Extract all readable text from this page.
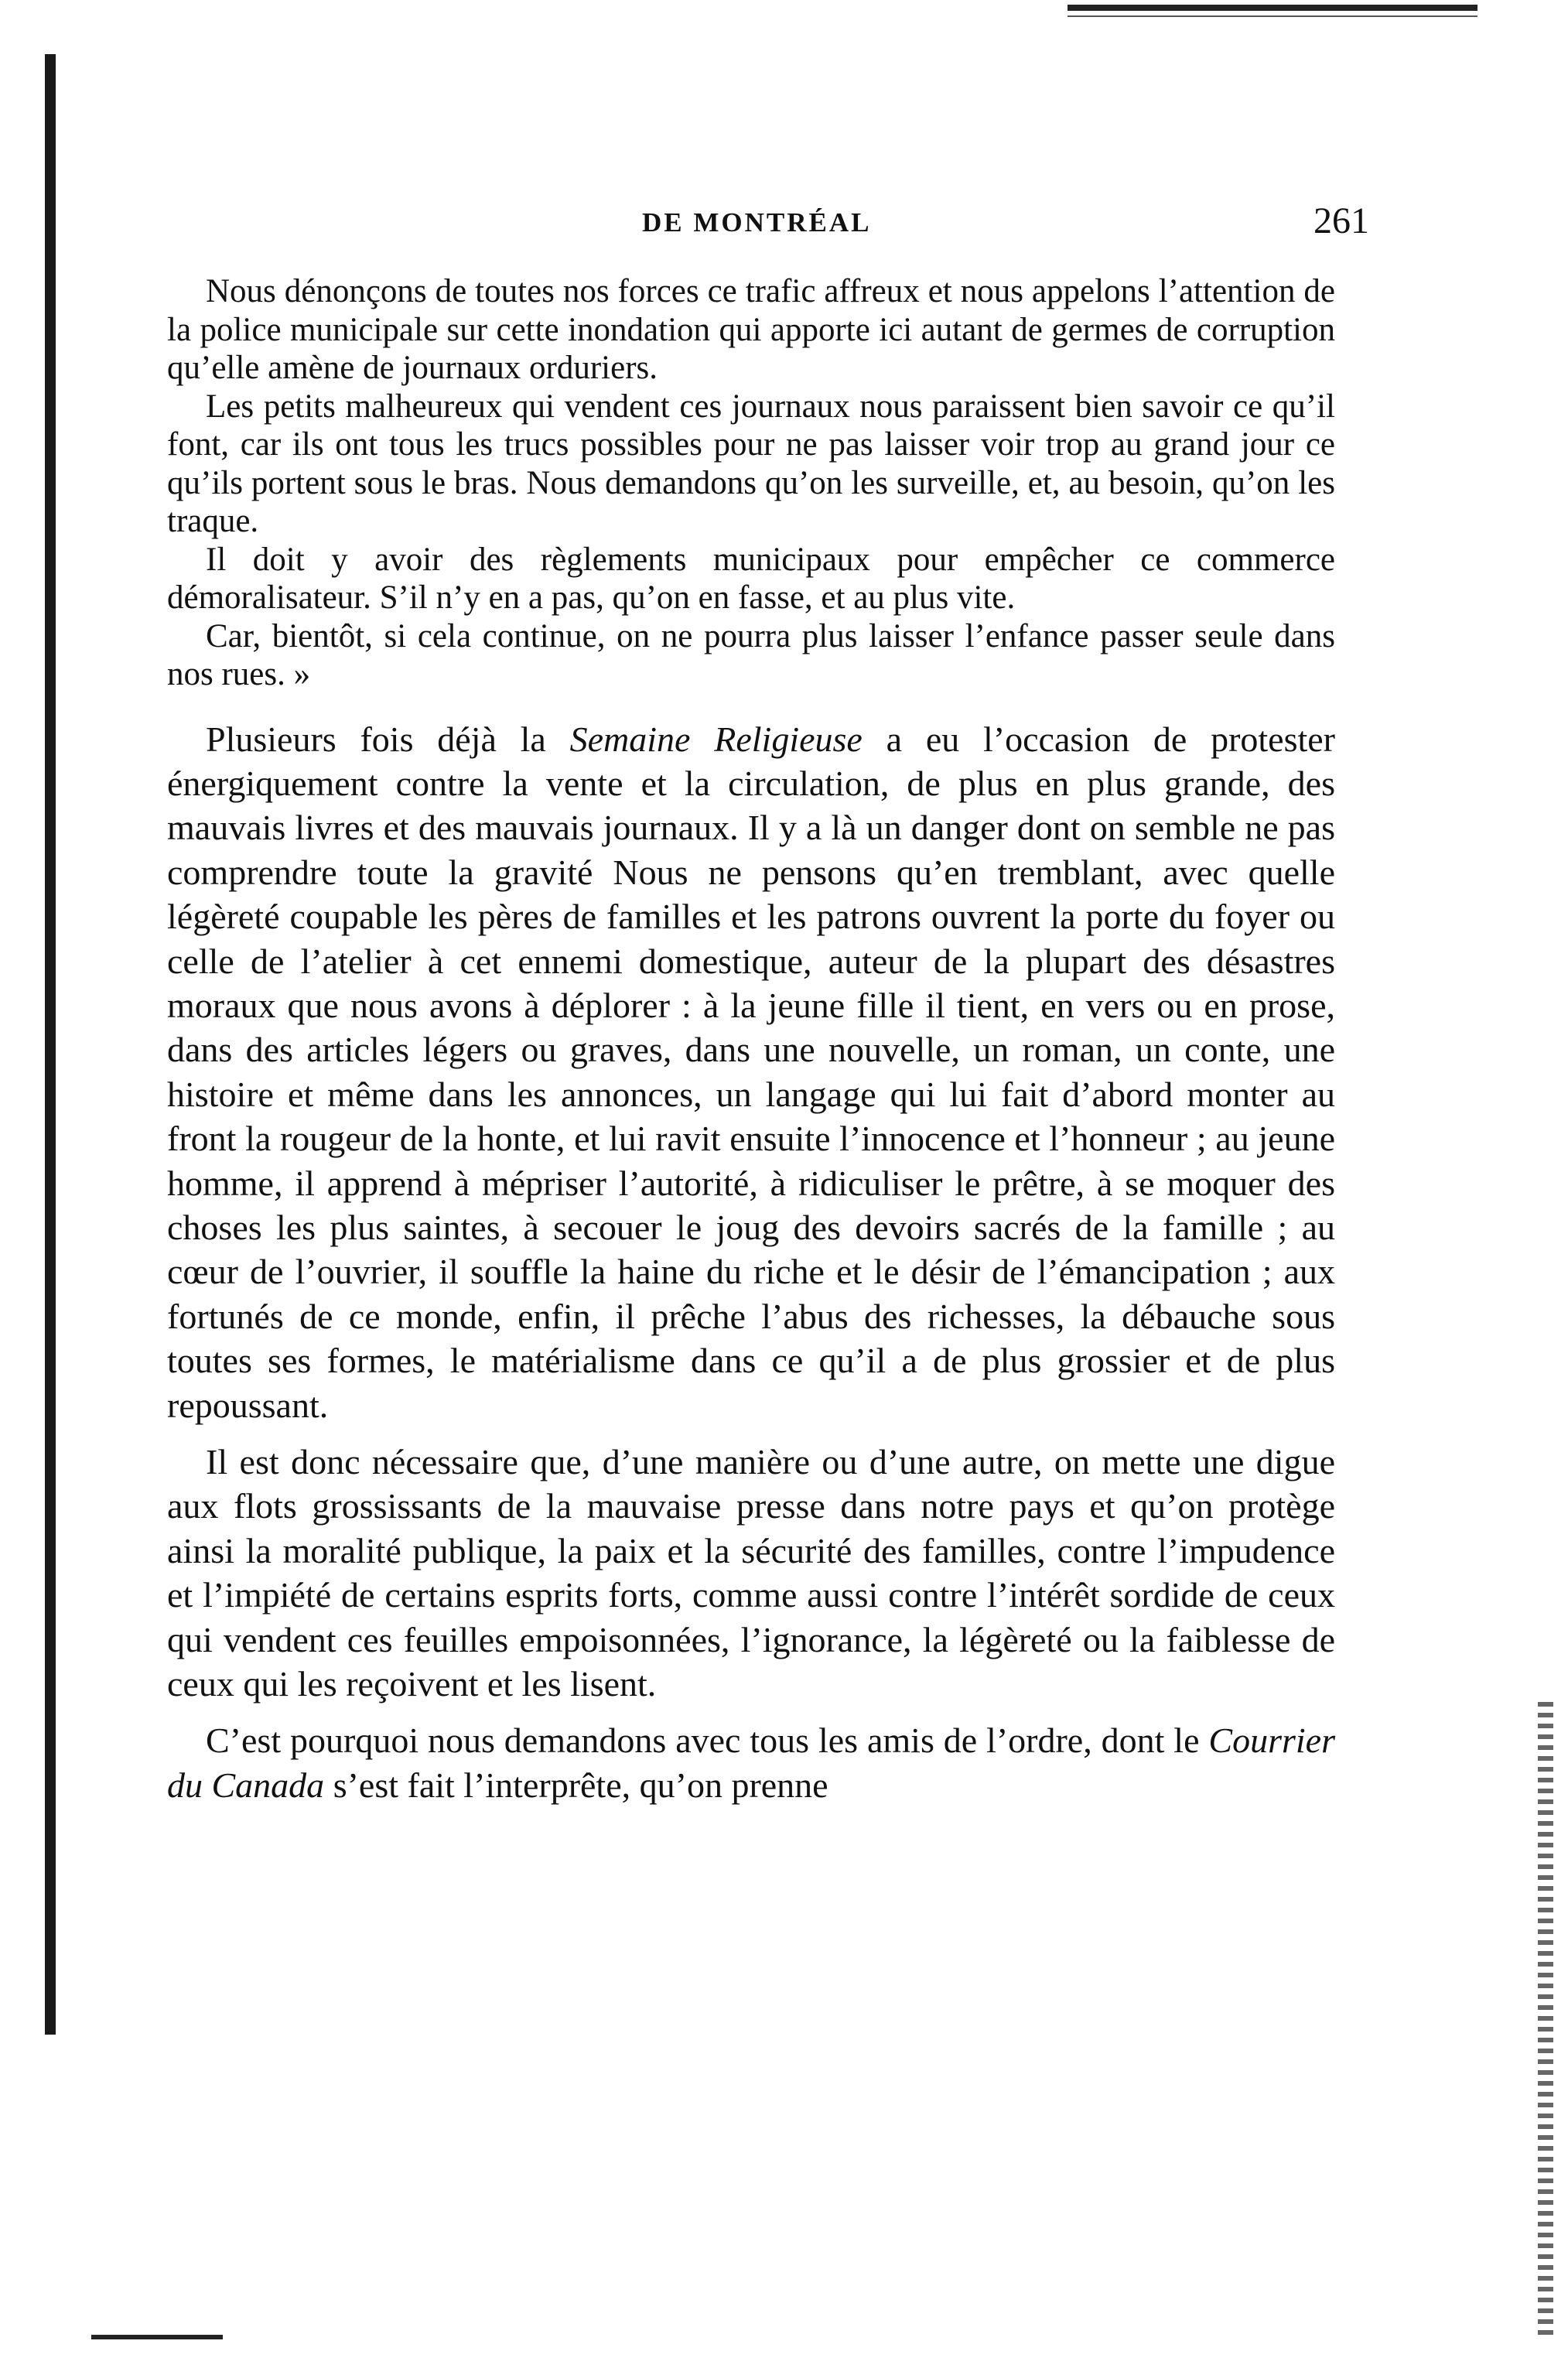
DE MONTRÉAL	261

Nous dénonçons de toutes nos forces ce trafic affreux et nous appelons l’attention de la police municipale sur cette inondation qui apporte ici autant de germes de corruption qu’elle amène de journaux orduriers.

Les petits malheureux qui vendent ces journaux nous paraissent bien savoir ce qu’il font, car ils ont tous les trucs possibles pour ne pas laisser voir trop au grand jour ce qu’ils portent sous le bras. Nous demandons qu’on les surveille, et, au besoin, qu’on les traque.

Il doit y avoir des règlements municipaux pour empêcher ce commerce démoralisateur. S’il n’y en a pas, qu’on en fasse, et au plus vite.

Car, bientôt, si cela continue, on ne pourra plus laisser l’enfance passer seule dans nos rues. »

Plusieurs fois déjà la Semaine Religieuse a eu l’occasion de protester énergiquement contre la vente et la circulation, de plus en plus grande, des mauvais livres et des mauvais journaux. Il y a là un danger dont on semble ne pas comprendre toute la gravité Nous ne pensons qu’en tremblant, avec quelle légèreté coupable les pères de familles et les patrons ouvrent la porte du foyer ou celle de l’atelier à cet ennemi domestique, auteur de la plupart des désastres moraux que nous avons à déplorer : à la jeune fille il tient, en vers ou en prose, dans des articles légers ou graves, dans une nouvelle, un roman, un conte, une histoire et même dans les annonces, un langage qui lui fait d’abord monter au front la rougeur de la honte, et lui ravit ensuite l’innocence et l’honneur ; au jeune homme, il apprend à mépriser l’autorité, à ridiculiser le prêtre, à se moquer des choses les plus saintes, à secouer le joug des devoirs sacrés de la famille ; au cœur de l’ouvrier, il souffle la haine du riche et le désir de l’émancipation ; aux fortunés de ce monde, enfin, il prêche l’abus des richesses, la débauche sous toutes ses formes, le matérialisme dans ce qu’il a de plus grossier et de plus repoussant.

Il est donc nécessaire que, d’une manière ou d’une autre, on mette une digue aux flots grossissants de la mauvaise presse dans notre pays et qu’on protège ainsi la moralité publique, la paix et la sécurité des familles, contre l’impudence et l’impiété de certains esprits forts, comme aussi contre l’intérêt sordide de ceux qui vendent ces feuilles empoisonnées, l’ignorance, la légèreté ou la faiblesse de ceux qui les reçoivent et les lisent.

C’est pourquoi nous demandons avec tous les amis de l’ordre, dont le Courrier du Canada s’est fait l’interprête, qu’on prenne
